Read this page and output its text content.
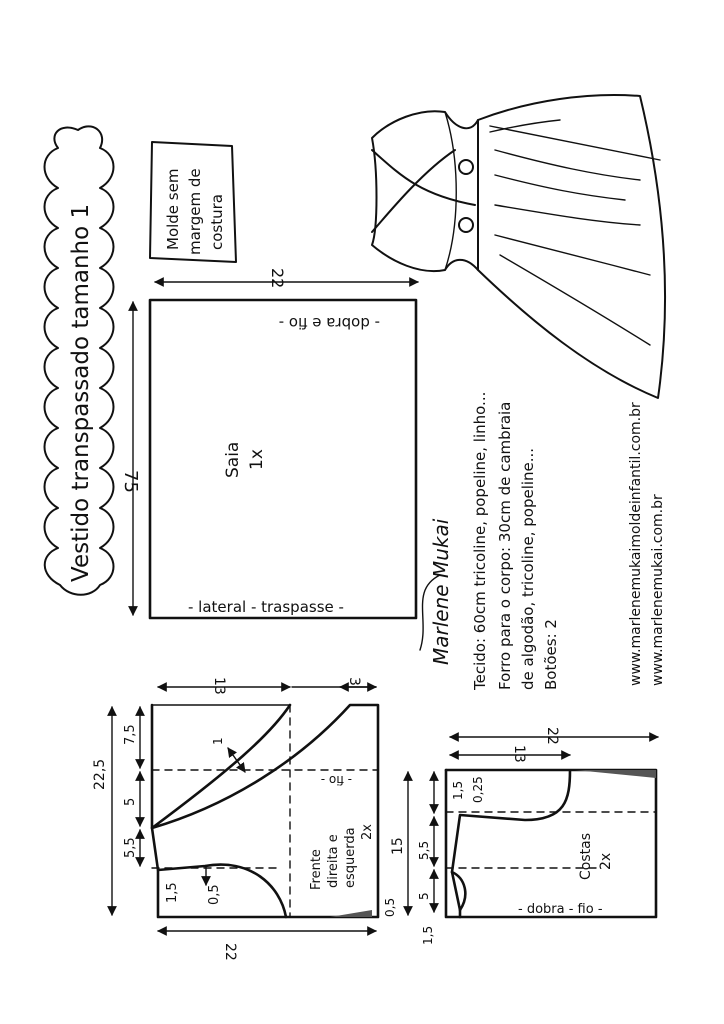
Vestido transpassado tamanho 1	Molde sem margem de costura
22
75
- dobra e fio -
- lateral - traspasse -
Saia 1x	Tecido: 60cm tricoline, popeline, linho... Forro para o corpo: 30cm de cambraia de algodão, tricoline, popeline... Botões: 2	www.marlenemukaimoldeinfantil.com.br www.marlenemukai.com.br
Marlene Mukai
13	3
22,5
7,5
5
5,5
1,5 0,5
22
0,5
1
- fio -
Frente direita e esquerda 2x
22
13
15
1,5 0,25
5,5
5
1,5
- dobra - fio -
Costas 2x
